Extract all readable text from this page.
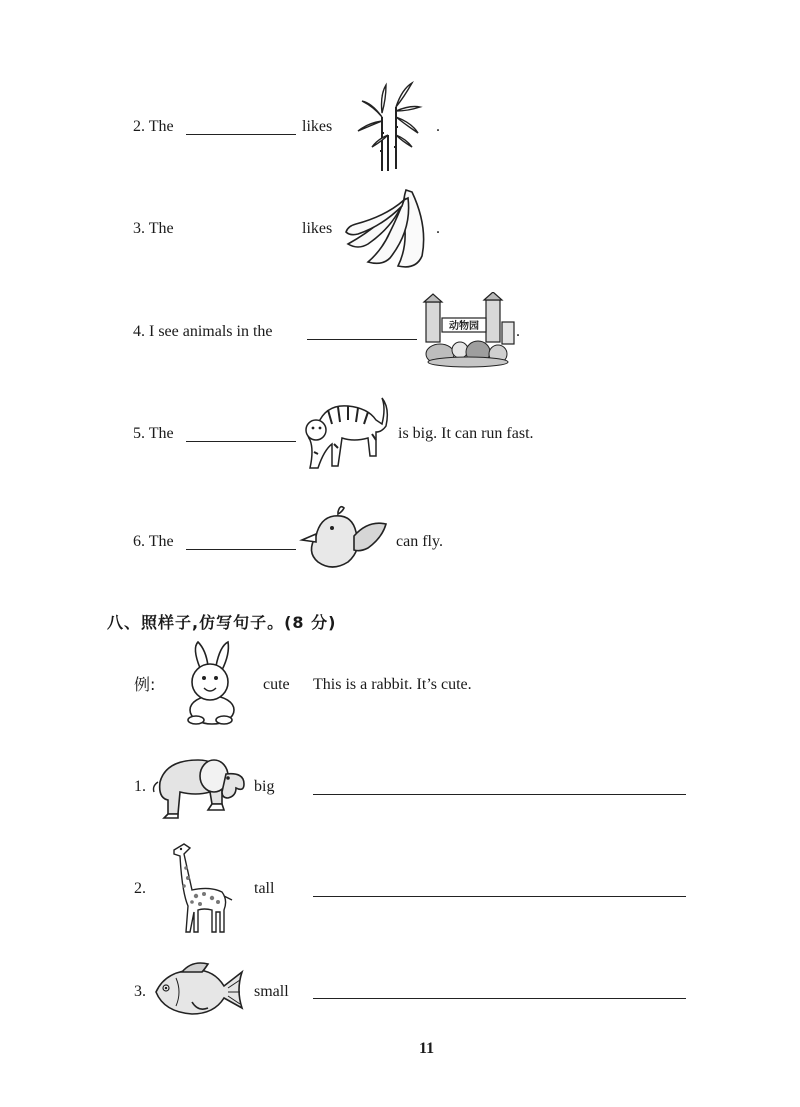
2. The	likes	.
3. The	likes	.
4. I see animals in the	动物园 .
5. The	is big. It can run fast.
6. The	can fly.
八、照样子,仿写句子。(8 分)
例:	cute This is a rabbit. It’s cute.
1.	big
2.	tall
3.	small
11
